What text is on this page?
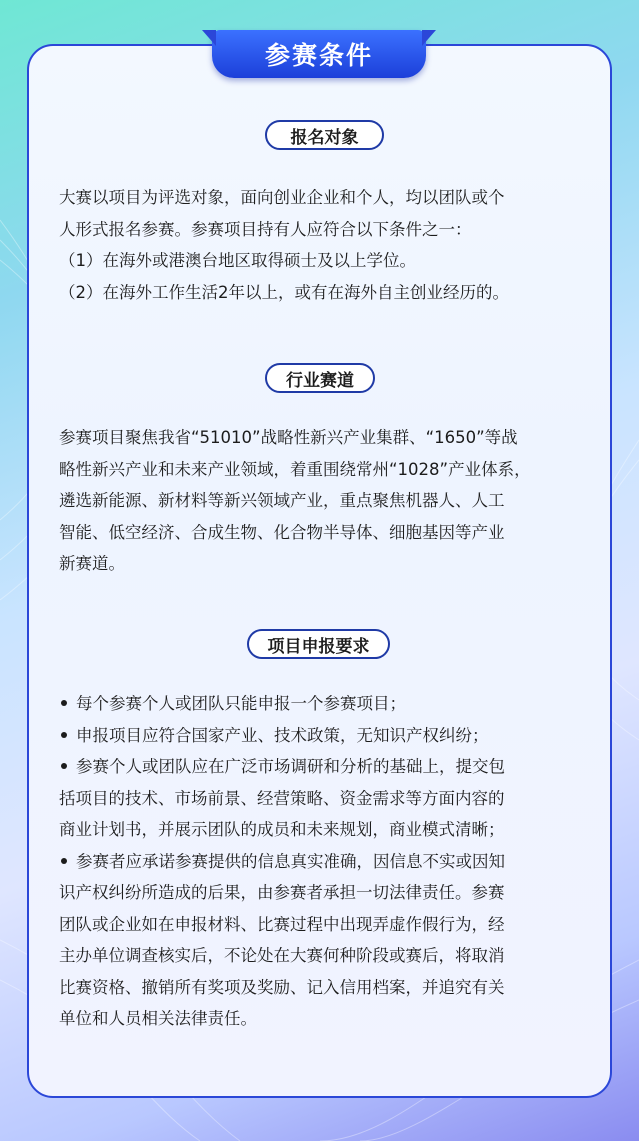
参赛条件
报名对象
大赛以项目为评选对象，面向创业企业和个人，均以团队或个
人形式报名参赛。参赛项目持有人应符合以下条件之一：
（1）在海外或港澳台地区取得硕士及以上学位。
（2）在海外工作生活2年以上，或有在海外自主创业经历的。
行业赛道
参赛项目聚焦我省“51010”战略性新兴产业集群、“1650”等战
略性新兴产业和未来产业领域，着重围绕常州“1028”产业体系，
遴选新能源、新材料等新兴领域产业，重点聚焦机器人、人工
智能、低空经济、合成生物、化合物半导体、细胞基因等产业
新赛道。
项目申报要求
每个参赛个人或团队只能申报一个参赛项目；
申报项目应符合国家产业、技术政策，无知识产权纠纷；
参赛个人或团队应在广泛市场调研和分析的基础上，提交包
括项目的技术、市场前景、经营策略、资金需求等方面内容的
商业计划书，并展示团队的成员和未来规划，商业模式清晰；
参赛者应承诺参赛提供的信息真实准确，因信息不实或因知
识产权纠纷所造成的后果，由参赛者承担一切法律责任。参赛
团队或企业如在申报材料、比赛过程中出现弄虚作假行为，经
主办单位调查核实后，不论处在大赛何种阶段或赛后，将取消
比赛资格、撤销所有奖项及奖励、记入信用档案，并追究有关
单位和人员相关法律责任。
